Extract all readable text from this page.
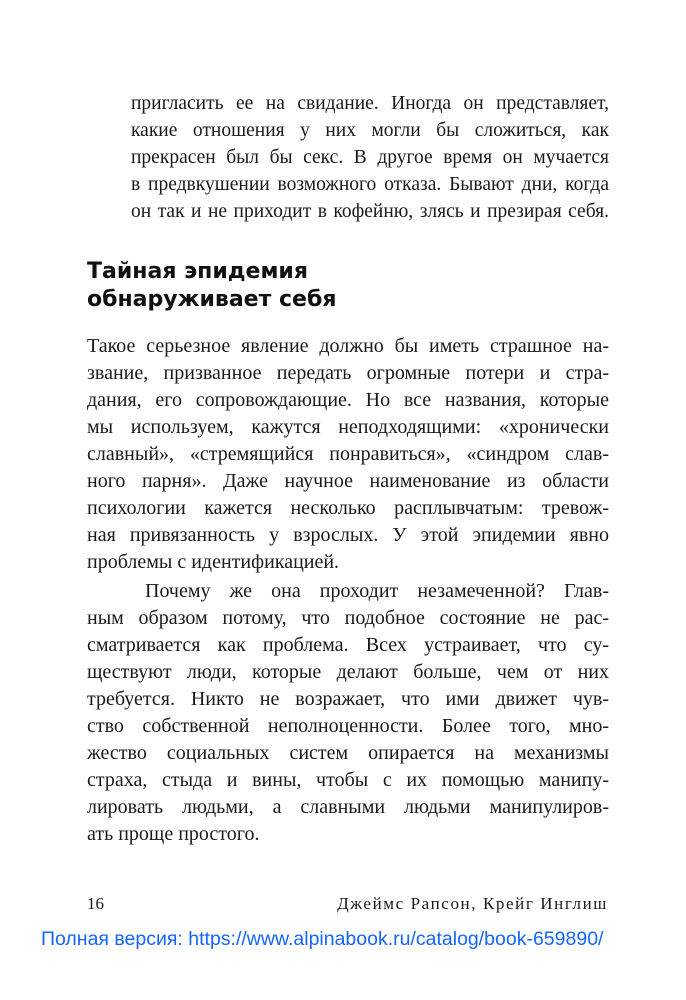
пригласить ее на свидание. Иногда он представляет,
какие отношения у них могли бы сложиться, как
прекрасен был бы секс. В другое время он мучается
в предвкушении возможного отказа. Бывают дни, когда
он так и не приходит в кофейню, злясь и презирая себя.
Тайная эпидемия
обнаруживает себя
Такое серьезное явление должно бы иметь страшное на-
звание, призванное передать огромные потери и стра-
дания, его сопровождающие. Но все названия, которые
мы используем, кажутся неподходящими: «хронически
славный», «стремящийся понравиться», «синдром слав-
ного парня». Даже научное наименование из области
психологии кажется несколько расплывчатым: тревож-
ная привязанность у взрослых. У этой эпидемии явно
проблемы с идентификацией.
Почему же она проходит незамеченной? Глав-
ным образом потому, что подобное состояние не рас-
сматривается как проблема. Всех устраивает, что су-
ществуют люди, которые делают больше, чем от них
требуется. Никто не возражает, что ими движет чув-
ство собственной неполноценности. Более того, мно-
жество социальных систем опирается на механизмы
страха, стыда и вины, чтобы с их помощью манипу-
лировать людьми, а славными людьми манипулиров-
ать проще простого.
16	Джеймс Рапсон, Крейг Инглиш
Полная версия: https://www.alpinabook.ru/catalog/book-659890/
